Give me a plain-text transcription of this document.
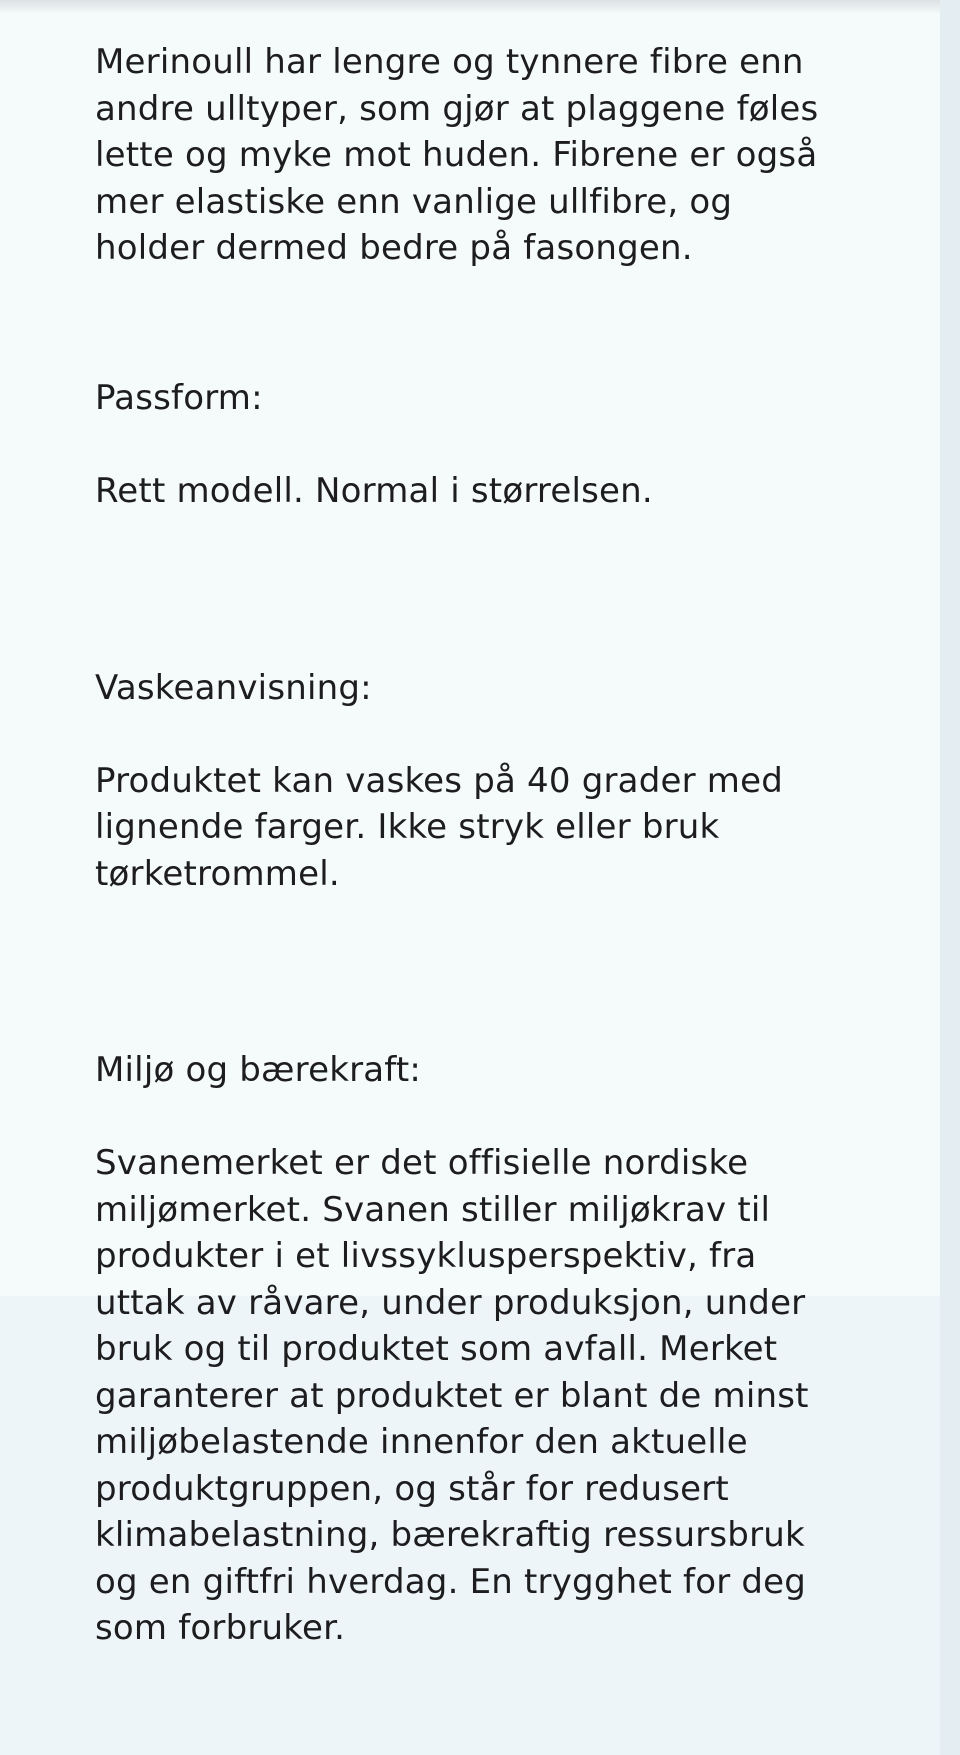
Merinoull har lengre og tynnere fibre enn
andre ulltyper, som gjør at plaggene føles
lette og myke mot huden. Fibrene er også
mer elastiske enn vanlige ullfibre, og
holder dermed bedre på fasongen.

Passform:

Rett modell. Normal i størrelsen.

Vaskeanvisning:

Produktet kan vaskes på 40 grader med
lignende farger. Ikke stryk eller bruk
tørketrommel.

Miljø og bærekraft:

Svanemerket er det offisielle nordiske
miljømerket. Svanen stiller miljøkrav til
produkter i et livssyklusperspektiv, fra
uttak av råvare, under produksjon, under
bruk og til produktet som avfall. Merket
garanterer at produktet er blant de minst
miljøbelastende innenfor den aktuelle
produktgruppen, og står for redusert
klimabelastning, bærekraftig ressursbruk
og en giftfri hverdag. En trygghet for deg
som forbruker.
